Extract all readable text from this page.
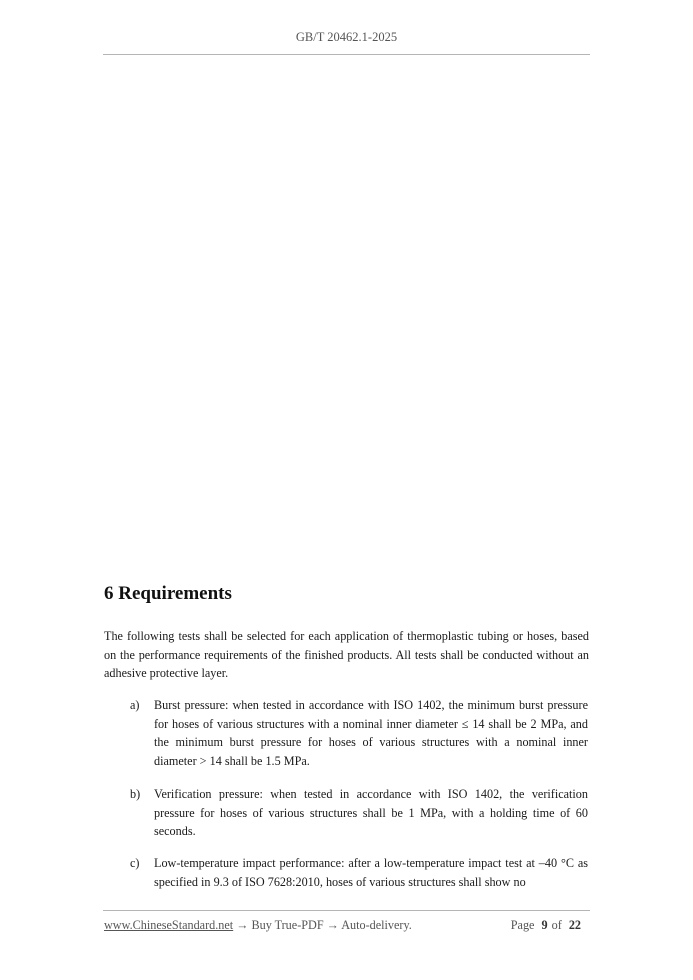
GB/T 20462.1-2025
6 Requirements
The following tests shall be selected for each application of thermoplastic tubing or hoses, based on the performance requirements of the finished products. All tests shall be conducted without an adhesive protective layer.
a) Burst pressure: when tested in accordance with ISO 1402, the minimum burst pressure for hoses of various structures with a nominal inner diameter ≤ 14 shall be 2 MPa, and the minimum burst pressure for hoses of various structures with a nominal inner diameter > 14 shall be 1.5 MPa.
b) Verification pressure: when tested in accordance with ISO 1402, the verification pressure for hoses of various structures shall be 1 MPa, with a holding time of 60 seconds.
c) Low-temperature impact performance: after a low-temperature impact test at –40 °C as specified in 9.3 of ISO 7628:2010, hoses of various structures shall show no
www.ChineseStandard.net → Buy True-PDF → Auto-delivery.	Page 9 of 22
